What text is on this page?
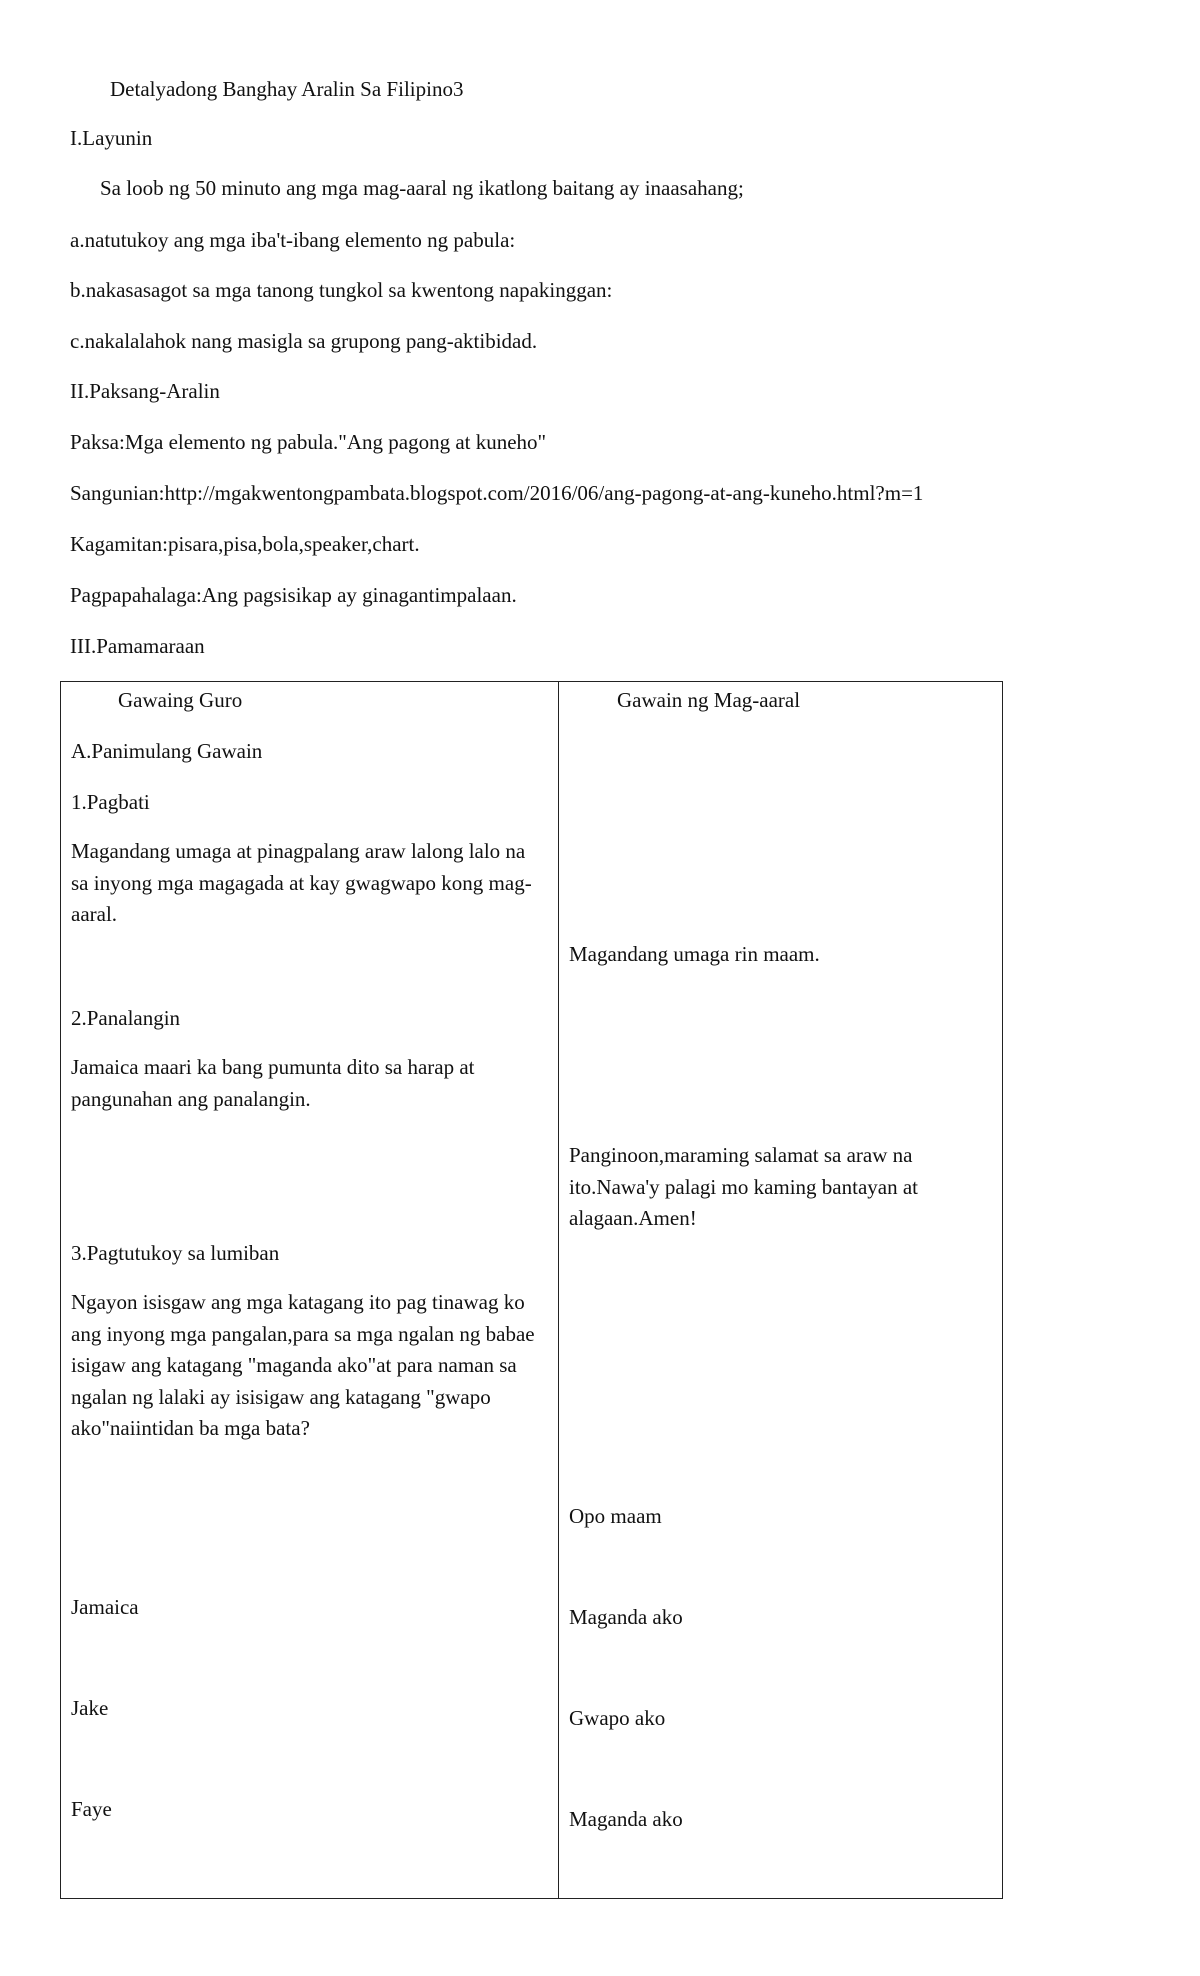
Detalyadong Banghay Aralin Sa Filipino3
I.Layunin
Sa loob ng 50 minuto ang mga mag-aaral ng ikatlong baitang ay inaasahang;
a.natutukoy ang mga iba't-ibang elemento ng pabula:
b.nakasasagot sa mga tanong tungkol sa kwentong napakinggan:
c.nakalalahok nang masigla sa grupong pang-aktibidad.
II.Paksang-Aralin
Paksa:Mga elemento ng pabula."Ang pagong at kuneho"
Sangunian:http://mgakwentongpambata.blogspot.com/2016/06/ang-pagong-at-ang-kuneho.html?m=1
Kagamitan:pisara,pisa,bola,speaker,chart.
Pagpapahalaga:Ang pagsisikap ay ginagantimpalaan.
III.Pamamaraan
Gawaing Guro
A.Panimulang Gawain
1.Pagbati
Magandang umaga at pinagpalang araw lalong lalo na sa inyong mga magagada at kay gwagwapo kong mag-aaral.
2.Panalangin
Jamaica maari ka bang pumunta dito sa harap at pangunahan ang panalangin.
3.Pagtutukoy sa lumiban
Ngayon isisgaw ang mga katagang ito pag tinawag ko ang inyong mga pangalan,para sa mga ngalan ng babae isigaw ang katagang "maganda ako"at para naman sa ngalan ng lalaki ay isisigaw ang katagang "gwapo ako"naiintidan ba mga bata?
Jamaica
Jake
Faye
Gawain ng Mag-aaral
Magandang umaga rin maam.
Panginoon,maraming salamat sa araw na ito.Nawa'y palagi mo kaming bantayan at alagaan.Amen!
Opo maam
Maganda ako
Gwapo ako
Maganda ako
